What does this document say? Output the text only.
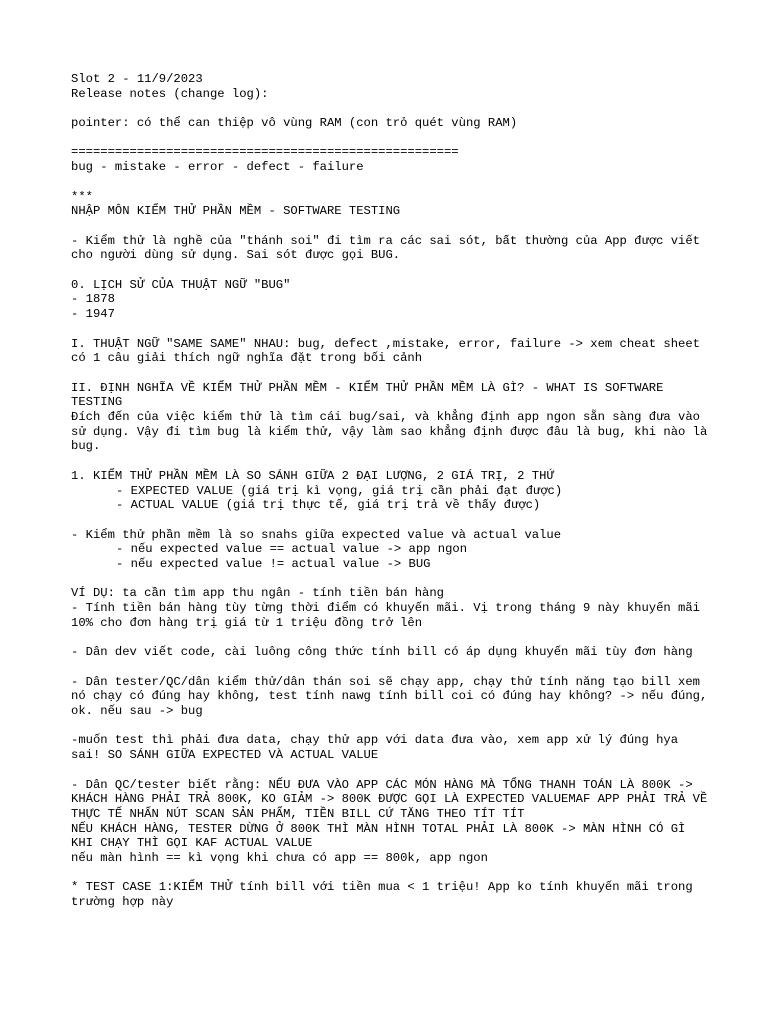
Slot 2 - 11/9/2023

Release notes (change log):

pointer: có thể can thiệp vô vùng RAM (con trỏ quét vùng RAM)

=====================================================

bug - mistake - error - defect - failure

***

NHẬP MÔN KIỂM THỬ PHẦN MỀM - SOFTWARE TESTING

- Kiểm thử là nghề của "thánh soi" đi tìm ra các sai sót, bất thường của App được viết cho người dùng sử dụng. Sai sót được gọi BUG.

0. LỊCH SỬ CỦA THUẬT NGỮ "BUG"

- 1878

- 1947

I. THUẬT NGỮ "SAME SAME" NHAU: bug, defect ,mistake, error, failure -> xem cheat sheet có 1 câu giải thích ngữ nghĩa đặt trong bối cảnh

II. ĐỊNH NGHĨA VỀ KIỂM THỬ PHẦN MỀM - KIỂM THỬ PHẦN MỀM LÀ GÌ? - WHAT IS SOFTWARE TESTING

Đích đến của việc kiểm thử là tìm cái bug/sai, và khẳng định app ngon sẵn sàng đưa vào sử dụng. Vậy đi tìm bug là kiểm thử, vậy làm sao khẳng định được đâu là bug, khi nào là bug.

1. KIỂM THỬ PHẦN MỀM LÀ SO SÁNH GIỮA 2 ĐẠI LƯỢNG, 2 GIÁ TRỊ, 2 THỨ

- EXPECTED VALUE (giá trị kì vọng, giá trị cần phải đạt được)

- ACTUAL VALUE (giá trị thực tế, giá trị trả về thấy được)

- Kiểm thử phần mềm là so snahs giữa expected value và actual value

- nếu expected value == actual value -> app ngon

- nếu expected value != actual value -> BUG

VÍ DỤ: ta cần tìm app thu ngân - tính tiền bán hàng

- Tính tiền bán hàng tùy từng thời điểm có khuyến mãi. Vị trong tháng 9 này khuyến mãi 10% cho đơn hàng trị giá từ 1 triệu đồng trở lên

- Dân dev viết code, cài luông công thức tính bill có áp dụng khuyến mãi tùy đơn hàng

- Dân tester/QC/dân kiểm thử/dân thán soi sẽ chạy app, chạy thử tính năng tạo bill xem nó chạy có đúng hay không, test tính nawg tính bill coi có đúng hay không? -> nếu đúng, ok. nếu sau -> bug

-muốn test thì phải đưa data, chạy thử app với data đưa vào, xem app xử lý đúng hya sai! SO SÁNH GIỮA EXPECTED VÀ ACTUAL VALUE

- Dân QC/tester biết rằng: NẾU ĐƯA VÀO APP CÁC MÓN HÀNG MÀ TỔNG THANH TOÁN LÀ 800K -> KHÁCH HÀNG PHẢI TRẢ 800K, KO GIẢM -> 800K ĐƯỢC GỌI LÀ EXPECTED VALUEMAF APP PHẢI TRẢ VỀ

THỰC TẾ NHẤN NÚT SCAN SẢN PHẨM, TIỀN BILL CỨ TĂNG THEO TÍT TÍT

NẾU KHÁCH HÀNG, TESTER DỪNG Ở 800K THÌ MÀN HÌNH TOTAL PHẢI LÀ 800K -> MÀN HÌNH CÓ GÌ KHI CHẠY THÌ GỌI KAF ACTUAL VALUE

nếu màn hình == kì vọng khi chưa có app == 800k, app ngon

* TEST CASE 1:KIỂM THỬ tính bill với tiền mua < 1 triệu! App ko tính khuyến mãi trong trường hợp này
